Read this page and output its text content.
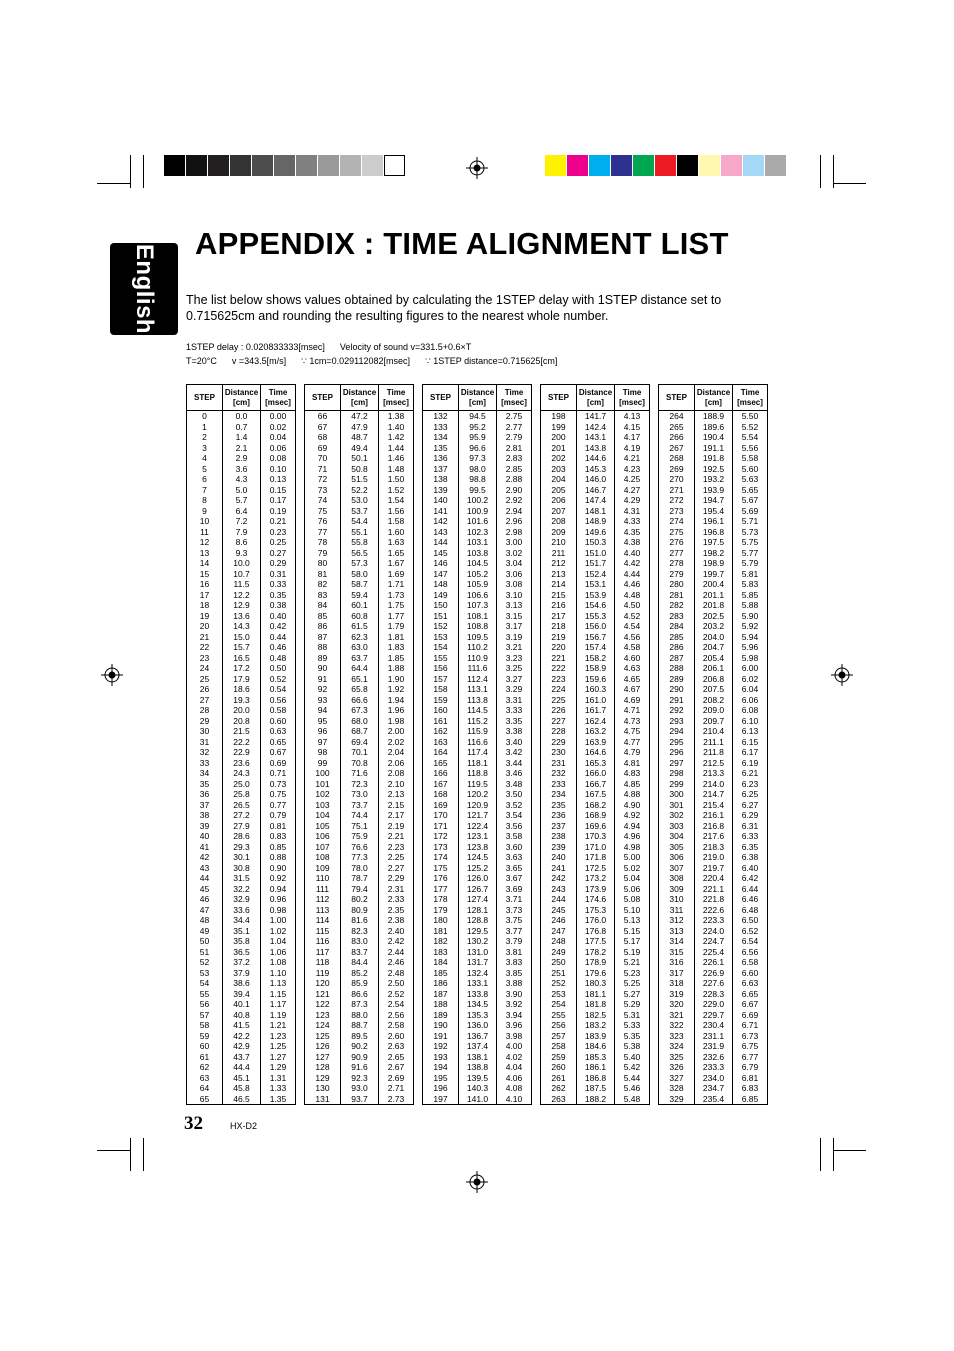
English
APPENDIX : TIME ALIGNMENT LIST
The list below shows values obtained by calculating the 1STEP delay with 1STEP distance set to 0.715625cm and rounding the resulting figures to the nearest whole number.
1STEP delay : 0.020833333[msec]      Velocity of sound v=331.5+0.6×T
T=20°C      v =343.5[m/s]      ∵ 1cm=0.029112082[msec]      ∵ 1STEP distance=0.715625[cm]
STEP	Distance
[cm]	Time
[msec]
0	0.0	0.00
1	0.7	0.02
2	1.4	0.04
3	2.1	0.06
4	2.9	0.08
5	3.6	0.10
6	4.3	0.13
7	5.0	0.15
8	5.7	0.17
9	6.4	0.19
10	7.2	0.21
11	7.9	0.23
12	8.6	0.25
13	9.3	0.27
14	10.0	0.29
15	10.7	0.31
16	11.5	0.33
17	12.2	0.35
18	12.9	0.38
19	13.6	0.40
20	14.3	0.42
21	15.0	0.44
22	15.7	0.46
23	16.5	0.48
24	17.2	0.50
25	17.9	0.52
26	18.6	0.54
27	19.3	0.56
28	20.0	0.58
29	20.8	0.60
30	21.5	0.63
31	22.2	0.65
32	22.9	0.67
33	23.6	0.69
34	24.3	0.71
35	25.0	0.73
36	25.8	0.75
37	26.5	0.77
38	27.2	0.79
39	27.9	0.81
40	28.6	0.83
41	29.3	0.85
42	30.1	0.88
43	30.8	0.90
44	31.5	0.92
45	32.2	0.94
46	32.9	0.96
47	33.6	0.98
48	34.4	1.00
49	35.1	1.02
50	35.8	1.04
51	36.5	1.06
52	37.2	1.08
53	37.9	1.10
54	38.6	1.13
55	39.4	1.15
56	40.1	1.17
57	40.8	1.19
58	41.5	1.21
59	42.2	1.23
60	42.9	1.25
61	43.7	1.27
62	44.4	1.29
63	45.1	1.31
64	45.8	1.33
65	46.5	1.35
STEP	Distance
[cm]	Time
[msec]
66	47.2	1.38
67	47.9	1.40
68	48.7	1.42
69	49.4	1.44
70	50.1	1.46
71	50.8	1.48
72	51.5	1.50
73	52.2	1.52
74	53.0	1.54
75	53.7	1.56
76	54.4	1.58
77	55.1	1.60
78	55.8	1.63
79	56.5	1.65
80	57.3	1.67
81	58.0	1.69
82	58.7	1.71
83	59.4	1.73
84	60.1	1.75
85	60.8	1.77
86	61.5	1.79
87	62.3	1.81
88	63.0	1.83
89	63.7	1.85
90	64.4	1.88
91	65.1	1.90
92	65.8	1.92
93	66.6	1.94
94	67.3	1.96
95	68.0	1.98
96	68.7	2.00
97	69.4	2.02
98	70.1	2.04
99	70.8	2.06
100	71.6	2.08
101	72.3	2.10
102	73.0	2.13
103	73.7	2.15
104	74.4	2.17
105	75.1	2.19
106	75.9	2.21
107	76.6	2.23
108	77.3	2.25
109	78.0	2.27
110	78.7	2.29
111	79.4	2.31
112	80.2	2.33
113	80.9	2.35
114	81.6	2.38
115	82.3	2.40
116	83.0	2.42
117	83.7	2.44
118	84.4	2.46
119	85.2	2.48
120	85.9	2.50
121	86.6	2.52
122	87.3	2.54
123	88.0	2.56
124	88.7	2.58
125	89.5	2.60
126	90.2	2.63
127	90.9	2.65
128	91.6	2.67
129	92.3	2.69
130	93.0	2.71
131	93.7	2.73
STEP	Distance
[cm]	Time
[msec]
132	94.5	2.75
133	95.2	2.77
134	95.9	2.79
135	96.6	2.81
136	97.3	2.83
137	98.0	2.85
138	98.8	2.88
139	99.5	2.90
140	100.2	2.92
141	100.9	2.94
142	101.6	2.96
143	102.3	2.98
144	103.1	3.00
145	103.8	3.02
146	104.5	3.04
147	105.2	3.06
148	105.9	3.08
149	106.6	3.10
150	107.3	3.13
151	108.1	3.15
152	108.8	3.17
153	109.5	3.19
154	110.2	3.21
155	110.9	3.23
156	111.6	3.25
157	112.4	3.27
158	113.1	3.29
159	113.8	3.31
160	114.5	3.33
161	115.2	3.35
162	115.9	3.38
163	116.6	3.40
164	117.4	3.42
165	118.1	3.44
166	118.8	3.46
167	119.5	3.48
168	120.2	3.50
169	120.9	3.52
170	121.7	3.54
171	122.4	3.56
172	123.1	3.58
173	123.8	3.60
174	124.5	3.63
175	125.2	3.65
176	126.0	3.67
177	126.7	3.69
178	127.4	3.71
179	128.1	3.73
180	128.8	3.75
181	129.5	3.77
182	130.2	3.79
183	131.0	3.81
184	131.7	3.83
185	132.4	3.85
186	133.1	3.88
187	133.8	3.90
188	134.5	3.92
189	135.3	3.94
190	136.0	3.96
191	136.7	3.98
192	137.4	4.00
193	138.1	4.02
194	138.8	4.04
195	139.5	4.06
196	140.3	4.08
197	141.0	4.10
STEP	Distance
[cm]	Time
[msec]
198	141.7	4.13
199	142.4	4.15
200	143.1	4.17
201	143.8	4.19
202	144.6	4.21
203	145.3	4.23
204	146.0	4.25
205	146.7	4.27
206	147.4	4.29
207	148.1	4.31
208	148.9	4.33
209	149.6	4.35
210	150.3	4.38
211	151.0	4.40
212	151.7	4.42
213	152.4	4.44
214	153.1	4.46
215	153.9	4.48
216	154.6	4.50
217	155.3	4.52
218	156.0	4.54
219	156.7	4.56
220	157.4	4.58
221	158.2	4.60
222	158.9	4.63
223	159.6	4.65
224	160.3	4.67
225	161.0	4.69
226	161.7	4.71
227	162.4	4.73
228	163.2	4.75
229	163.9	4.77
230	164.6	4.79
231	165.3	4.81
232	166.0	4.83
233	166.7	4.85
234	167.5	4.88
235	168.2	4.90
236	168.9	4.92
237	169.6	4.94
238	170.3	4.96
239	171.0	4.98
240	171.8	5.00
241	172.5	5.02
242	173.2	5.04
243	173.9	5.06
244	174.6	5.08
245	175.3	5.10
246	176.0	5.13
247	176.8	5.15
248	177.5	5.17
249	178.2	5.19
250	178.9	5.21
251	179.6	5.23
252	180.3	5.25
253	181.1	5.27
254	181.8	5.29
255	182.5	5.31
256	183.2	5.33
257	183.9	5.35
258	184.6	5.38
259	185.3	5.40
260	186.1	5.42
261	186.8	5.44
262	187.5	5.46
263	188.2	5.48
STEP	Distance
[cm]	Time
[msec]
264	188.9	5.50
265	189.6	5.52
266	190.4	5.54
267	191.1	5.56
268	191.8	5.58
269	192.5	5.60
270	193.2	5.63
271	193.9	5.65
272	194.7	5.67
273	195.4	5.69
274	196.1	5.71
275	196.8	5.73
276	197.5	5.75
277	198.2	5.77
278	198.9	5.79
279	199.7	5.81
280	200.4	5.83
281	201.1	5.85
282	201.8	5.88
283	202.5	5.90
284	203.2	5.92
285	204.0	5.94
286	204.7	5.96
287	205.4	5.98
288	206.1	6.00
289	206.8	6.02
290	207.5	6.04
291	208.2	6.06
292	209.0	6.08
293	209.7	6.10
294	210.4	6.13
295	211.1	6.15
296	211.8	6.17
297	212.5	6.19
298	213.3	6.21
299	214.0	6.23
300	214.7	6.25
301	215.4	6.27
302	216.1	6.29
303	216.8	6.31
304	217.6	6.33
305	218.3	6.35
306	219.0	6.38
307	219.7	6.40
308	220.4	6.42
309	221.1	6.44
310	221.8	6.46
311	222.6	6.48
312	223.3	6.50
313	224.0	6.52
314	224.7	6.54
315	225.4	6.56
316	226.1	6.58
317	226.9	6.60
318	227.6	6.63
319	228.3	6.65
320	229.0	6.67
321	229.7	6.69
322	230.4	6.71
323	231.1	6.73
324	231.9	6.75
325	232.6	6.77
326	233.3	6.79
327	234.0	6.81
328	234.7	6.83
329	235.4	6.85
32	HX-D2
